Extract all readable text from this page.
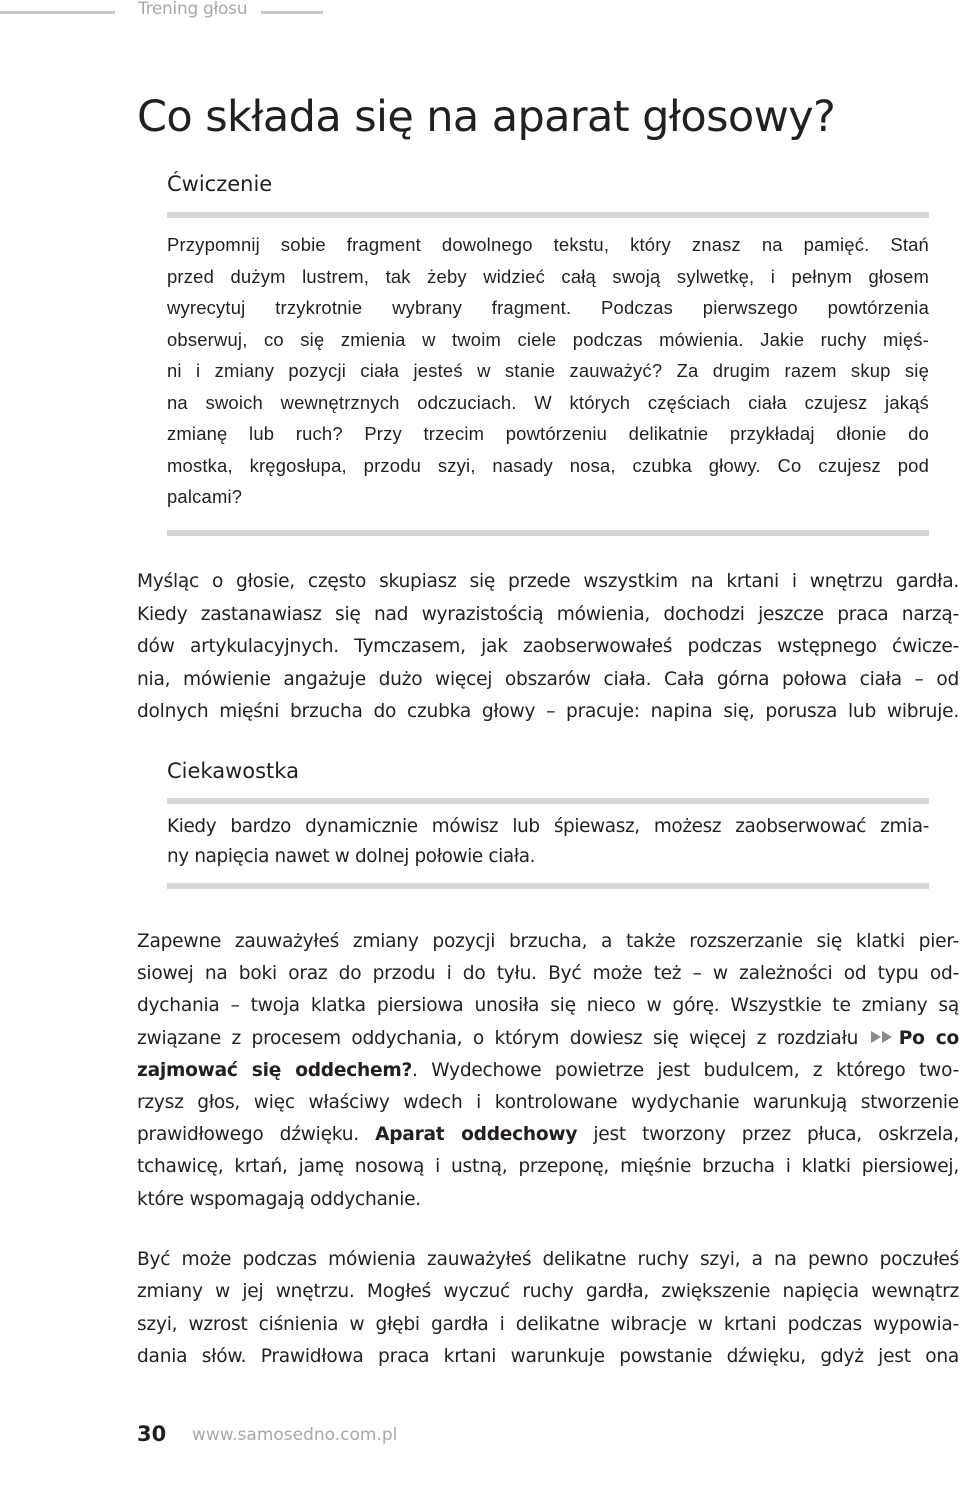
Trening głosu
Co składa się na aparat głosowy?
Ćwiczenie
Przypomnij sobie fragment dowolnego tekstu, który znasz na pamięć. Stań
przed dużym lustrem, tak żeby widzieć całą swoją sylwetkę, i pełnym głosem
wyrecytuj trzykrotnie wybrany fragment. Podczas pierwszego powtórzenia
obserwuj, co się zmienia w twoim ciele podczas mówienia. Jakie ruchy mięś-
ni i zmiany pozycji ciała jesteś w stanie zauważyć? Za drugim razem skup się
na swoich wewnętrznych odczuciach. W których częściach ciała czujesz jakąś
zmianę lub ruch? Przy trzecim powtórzeniu delikatnie przykładaj dłonie do
mostka, kręgosłupa, przodu szyi, nasady nosa, czubka głowy. Co czujesz pod
palcami?
Myśląc o głosie, często skupiasz się przede wszystkim na krtani i wnętrzu gardła.
Kiedy zastanawiasz się nad wyrazistością mówienia, dochodzi jeszcze praca narzą-
dów artykulacyjnych. Tymczasem, jak zaobserwowałeś podczas wstępnego ćwicze-
nia, mówienie angażuje dużo więcej obszarów ciała. Cała górna połowa ciała – od
dolnych mięśni brzucha do czubka głowy – pracuje: napina się, porusza lub wibruje.
Ciekawostka
Kiedy bardzo dynamicznie mówisz lub śpiewasz, możesz zaobserwować zmia-
ny napięcia nawet w dolnej połowie ciała.
Zapewne zauważyłeś zmiany pozycji brzucha, a także rozszerzanie się klatki pier-
siowej na boki oraz do przodu i do tyłu. Być może też – w zależności od typu od-
dychania – twoja klatka piersiowa unosiła się nieco w górę. Wszystkie te zmiany są
związane z procesem oddychania, o którym dowiesz się więcej z rozdziału Po co
zajmować się oddechem?. Wydechowe powietrze jest budulcem, z którego two-
rzysz głos, więc właściwy wdech i kontrolowane wydychanie warunkują stworzenie
prawidłowego dźwięku. Aparat oddechowy jest tworzony przez płuca, oskrzela,
tchawicę, krtań, jamę nosową i ustną, przeponę, mięśnie brzucha i klatki piersiowej,
które wspomagają oddychanie.
Być może podczas mówienia zauważyłeś delikatne ruchy szyi, a na pewno poczułeś
zmiany w jej wnętrzu. Mogłeś wyczuć ruchy gardła, zwiększenie napięcia wewnątrz
szyi, wzrost ciśnienia w głębi gardła i delikatne wibracje w krtani podczas wypowia-
dania słów. Prawidłowa praca krtani warunkuje powstanie dźwięku, gdyż jest ona
30 www.samosedno.com.pl
